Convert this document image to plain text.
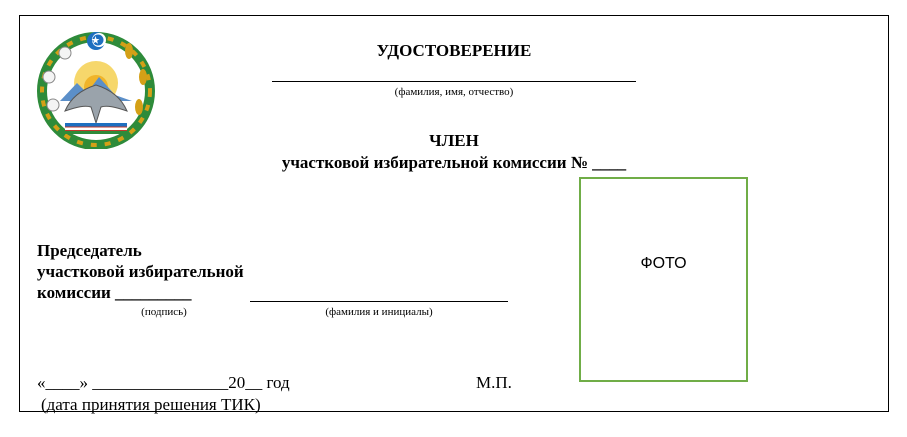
УДОСТОВЕРЕНИЕ
(фамилия, имя, отчество)
ЧЛЕН
участковой избирательной комиссии № ____
ФОТО
Председатель
участковой избирательной
комиссии _________
(подпись)	(фамилия и инициалы)
«____» ________________20__ год	М.П.
(дата принятия решения ТИК)
